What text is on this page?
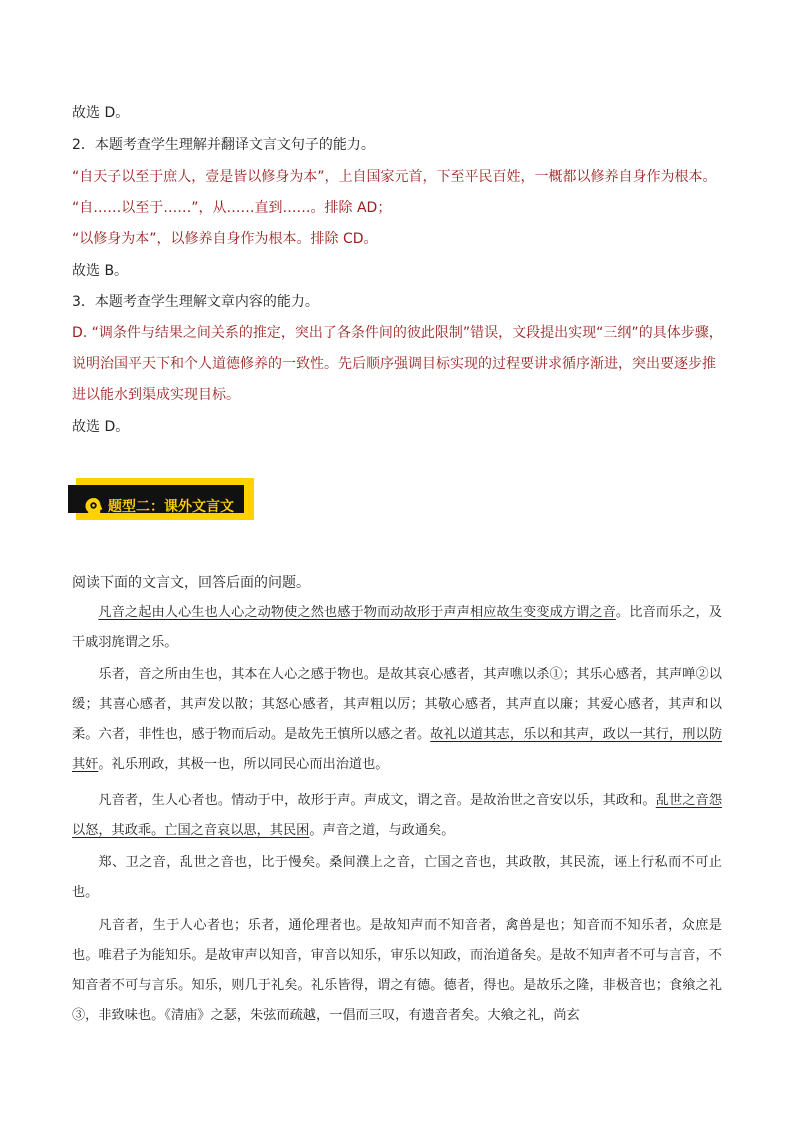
故选 D。
2．本题考查学生理解并翻译文言文句子的能力。
“自天子以至于庶人，壹是皆以修身为本”，上自国家元首，下至平民百姓，一概都以修养自身作为根本。
“自……以至于……”，从……直到……。排除 AD；
“以修身为本”，以修养自身作为根本。排除 CD。
故选 B。
3．本题考查学生理解文章内容的能力。
D. “调条件与结果之间关系的推定，突出了各条件间的彼此限制”错误，文段提出实现“三纲”的具体步骤，
说明治国平天下和个人道德修养的一致性。先后顺序强调目标实现的过程要讲求循序渐进，突出要逐步推
进以能水到渠成实现目标。
故选 D。
题型二：课外文言文
阅读下面的文言文，回答后面的问题。

凡音之起由人心生也人心之动物使之然也感于物而动故形于声声相应故生变变成方谓之音。比音而乐之，及干戚羽旄谓之乐。

乐者，音之所由生也，其本在人心之感于物也。是故其哀心感者，其声噍以杀①；其乐心感者，其声啴②以缓；其喜心感者，其声发以散；其怒心感者，其声粗以厉；其敬心感者，其声直以廉；其爱心感者，其声和以柔。六者，非性也，感于物而后动。是故先王慎所以感之者。故礼以道其志，乐以和其声，政以一其行，刑以防其奸。礼乐刑政，其极一也，所以同民心而出治道也。

凡音者，生人心者也。情动于中，故形于声。声成文，谓之音。是故治世之音安以乐，其政和。乱世之音怨以怒，其政乖。亡国之音哀以思，其民困。声音之道，与政通矣。

郑、卫之音，乱世之音也，比于慢矣。桑间濮上之音，亡国之音也，其政散，其民流，诬上行私而不可止也。

凡音者，生于人心者也；乐者，通伦理者也。是故知声而不知音者，禽兽是也；知音而不知乐者，众庶是也。唯君子为能知乐。是故审声以知音，审音以知乐，审乐以知政，而治道备矣。是故不知声者不可与言音，不知音者不可与言乐。知乐，则几于礼矣。礼乐皆得，谓之有德。德者，得也。是故乐之隆，非极音也；食飨之礼③，非致味也。《清庙》之瑟，朱弦而疏越，一倡而三叹，有遗音者矣。大飨之礼，尚玄
